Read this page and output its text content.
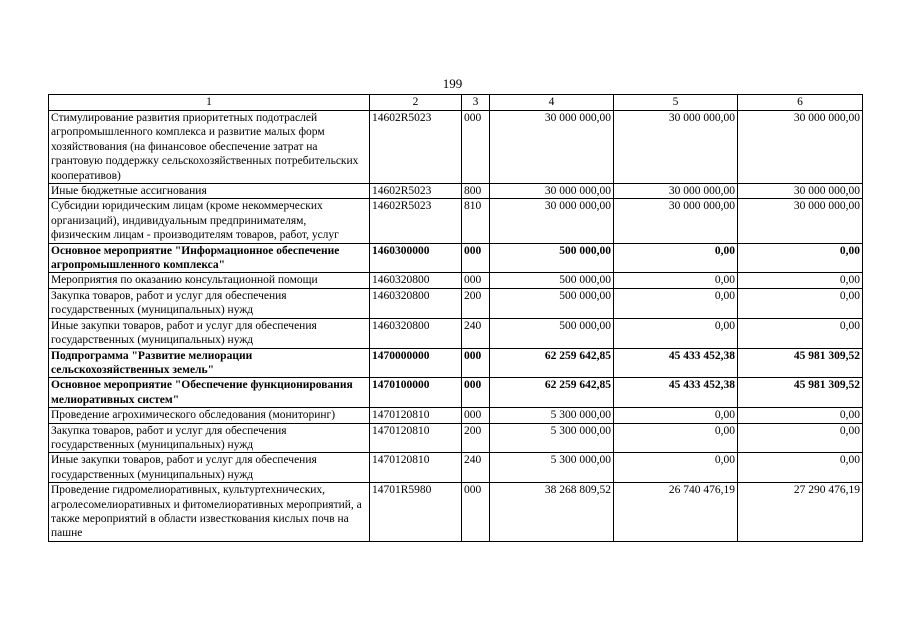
199
1	2	3	4	5	6
Стимулирование развития приоритетных подотраслей агропромышленного комплекса и развитие малых форм хозяйствования (на финансовое обеспечение затрат на грантовую поддержку сельскохозяйственных потребительских кооперативов)	14602R5023	000	30 000 000,00	30 000 000,00	30 000 000,00
Иные бюджетные ассигнования	14602R5023	800	30 000 000,00	30 000 000,00	30 000 000,00
Субсидии юридическим лицам (кроме некоммерческих организаций), индивидуальным предпринимателям, физическим лицам - производителям товаров, работ, услуг	14602R5023	810	30 000 000,00	30 000 000,00	30 000 000,00
Основное мероприятие "Информационное обеспечение агропромышленного комплекса"	1460300000	000	500 000,00	0,00	0,00
Мероприятия по оказанию консультационной помощи	1460320800	000	500 000,00	0,00	0,00
Закупка товаров, работ и услуг для обеспечения государственных (муниципальных) нужд	1460320800	200	500 000,00	0,00	0,00
Иные закупки товаров, работ и услуг для обеспечения государственных (муниципальных) нужд	1460320800	240	500 000,00	0,00	0,00
Подпрограмма "Развитие мелиорации сельскохозяйственных земель"	1470000000	000	62 259 642,85	45 433 452,38	45 981 309,52
Основное мероприятие "Обеспечение функционирования мелиоративных систем"	1470100000	000	62 259 642,85	45 433 452,38	45 981 309,52
Проведение агрохимического обследования (мониторинг)	1470120810	000	5 300 000,00	0,00	0,00
Закупка товаров, работ и услуг для обеспечения государственных (муниципальных) нужд	1470120810	200	5 300 000,00	0,00	0,00
Иные закупки товаров, работ и услуг для обеспечения государственных (муниципальных) нужд	1470120810	240	5 300 000,00	0,00	0,00
Проведение гидромелиоративных, культуртехнических, агролесомелиоративных и фитомелиоративных мероприятий, а также мероприятий в области известкования кислых почв на пашне	14701R5980	000	38 268 809,52	26 740 476,19	27 290 476,19
